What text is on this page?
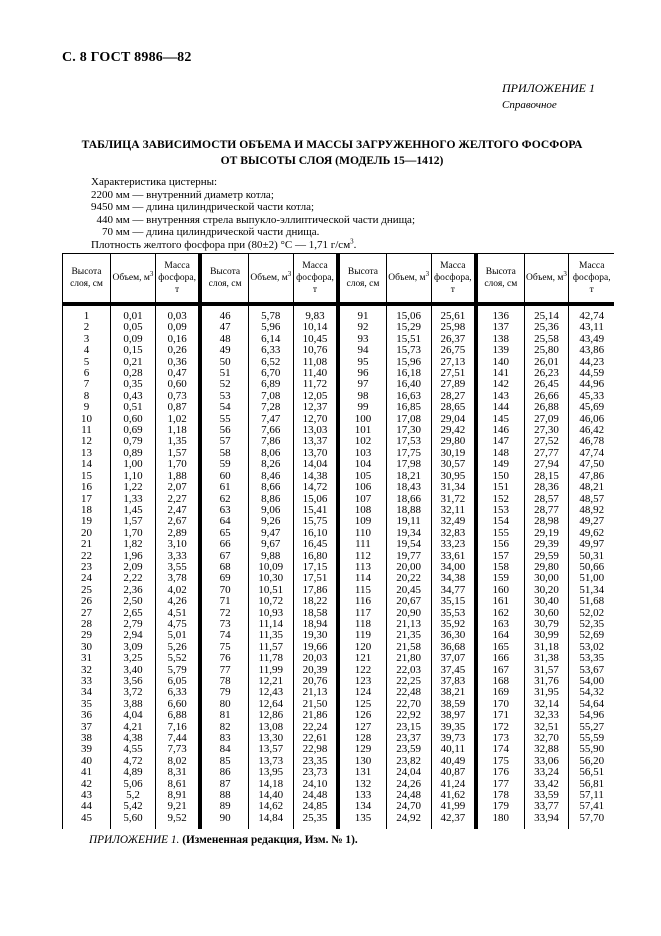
С. 8 ГОСТ 8986—82
ПРИЛОЖЕНИЕ 1
Справочное
ТАБЛИЦА ЗАВИСИМОСТИ ОБЪЕМА И МАССЫ ЗАГРУЖЕННОГО ЖЕЛТОГО ФОСФОРА
ОТ ВЫСОТЫ СЛОЯ (МОДЕЛЬ 15—1412)
Характеристика цистерны:
2200 мм — внутренний диаметр котла;
9450 мм — длина цилиндрической части котла;
440 мм — внутренняя стрела выпукло-эллиптической части днища;
70 мм — длина цилиндрической части днища.
Плотность желтого фосфора при (80±2) °С — 1,71 $г/см^3$.
Высота слоя, см	Объем, $м^3$	Масса фосфора, т	Высота слоя, см	Объем, $м^3$	Масса фосфора, т	Высота слоя, см	Объем, $м^3$	Масса фосфора, т	Высота слоя, см	Объем, $м^3$	Масса фосфора, т
1	0,01	0,03	46	5,78	9,83	91	15,06	25,61	136	25,14	42,74
2	0,05	0,09	47	5,96	10,14	92	15,29	25,98	137	25,36	43,11
3	0,09	0,16	48	6,14	10,45	93	15,51	26,37	138	25,58	43,49
4	0,15	0,26	49	6,33	10,76	94	15,73	26,75	139	25,80	43,86
5	0,21	0,36	50	6,52	11,08	95	15,96	27,13	140	26,01	44,23
6	0,28	0,47	51	6,70	11,40	96	16,18	27,51	141	26,23	44,59
7	0,35	0,60	52	6,89	11,72	97	16,40	27,89	142	26,45	44,96
8	0,43	0,73	53	7,08	12,05	98	16,63	28,27	143	26,66	45,33
9	0,51	0,87	54	7,28	12,37	99	16,85	28,65	144	26,88	45,69
10	0,60	1,02	55	7,47	12,70	100	17,08	29,04	145	27,09	46,06
11	0,69	1,18	56	7,66	13,03	101	17,30	29,42	146	27,30	46,42
12	0,79	1,35	57	7,86	13,37	102	17,53	29,80	147	27,52	46,78
13	0,89	1,57	58	8,06	13,70	103	17,75	30,19	148	27,77	47,74
14	1,00	1,70	59	8,26	14,04	104	17,98	30,57	149	27,94	47,50
15	1,10	1,88	60	8,46	14,38	105	18,21	30,95	150	28,15	47,86
16	1,22	2,07	61	8,66	14,72	106	18,43	31,34	151	28,36	48,21
17	1,33	2,27	62	8,86	15,06	107	18,66	31,72	152	28,57	48,57
18	1,45	2,47	63	9,06	15,41	108	18,88	32,11	153	28,77	48,92
19	1,57	2,67	64	9,26	15,75	109	19,11	32,49	154	28,98	49,27
20	1,70	2,89	65	9,47	16,10	110	19,34	32,83	155	29,19	49,62
21	1,82	3,10	66	9,67	16,45	111	19,54	33,23	156	29,39	49,97
22	1,96	3,33	67	9,88	16,80	112	19,77	33,61	157	29,59	50,31
23	2,09	3,55	68	10,09	17,15	113	20,00	34,00	158	29,80	50,66
24	2,22	3,78	69	10,30	17,51	114	20,22	34,38	159	30,00	51,00
25	2,36	4,02	70	10,51	17,86	115	20,45	34,77	160	30,20	51,34
26	2,50	4,26	71	10,72	18,22	116	20,67	35,15	161	30,40	51,68
27	2,65	4,51	72	10,93	18,58	117	20,90	35,53	162	30,60	52,02
28	2,79	4,75	73	11,14	18,94	118	21,13	35,92	163	30,79	52,35
29	2,94	5,01	74	11,35	19,30	119	21,35	36,30	164	30,99	52,69
30	3,09	5,26	75	11,57	19,66	120	21,58	36,68	165	31,18	53,02
31	3,25	5,52	76	11,78	20,03	121	21,80	37,07	166	31,38	53,35
32	3,40	5,79	77	11,99	20,39	122	22,03	37,45	167	31,57	53,67
33	3,56	6,05	78	12,21	20,76	123	22,25	37,83	168	31,76	54,00
34	3,72	6,33	79	12,43	21,13	124	22,48	38,21	169	31,95	54,32
35	3,88	6,60	80	12,64	21,50	125	22,70	38,59	170	32,14	54,64
36	4,04	6,88	81	12,86	21,86	126	22,92	38,97	171	32,33	54,96
37	4,21	7,16	82	13,08	22,24	127	23,15	39,35	172	32,51	55,27
38	4,38	7,44	83	13,30	22,61	128	23,37	39,73	173	32,70	55,59
39	4,55	7,73	84	13,57	22,98	129	23,59	40,11	174	32,88	55,90
40	4,72	8,02	85	13,73	23,35	130	23,82	40,49	175	33,06	56,20
41	4,89	8,31	86	13,95	23,73	131	24,04	40,87	176	33,24	56,51
42	5,06	8,61	87	14,18	24,10	132	24,26	41,24	177	33,42	56,81
43	5,2	8,91	88	14,40	24,48	133	24,48	41,62	178	33,59	57,11
44	5,42	9,21	89	14,62	24,85	134	24,70	41,99	179	33,77	57,41
45	5,60	9,52	90	14,84	25,35	135	24,92	42,37	180	33,94	57,70
ПРИЛОЖЕНИЕ 1. (Измененная редакция, Изм. № 1).
